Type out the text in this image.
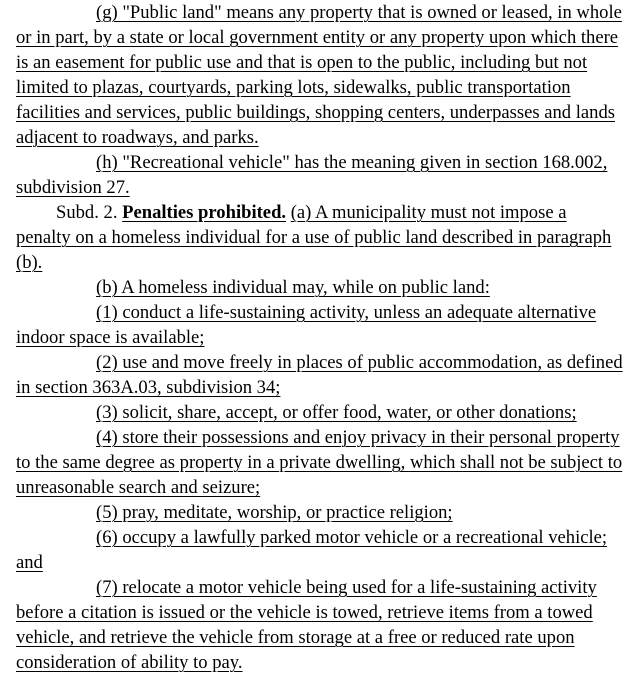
(g) "Public land" means any property that is owned or leased, in whole or in part, by a state or local government entity or any property upon which there is an easement for public use and that is open to the public, including but not limited to plazas, courtyards, parking lots, sidewalks, public transportation facilities and services, public buildings, shopping centers, underpasses and lands adjacent to roadways, and parks.

(h) "Recreational vehicle" has the meaning given in section 168.002, subdivision 27.

Subd. 2. Penalties prohibited. (a) A municipality must not impose a penalty on a homeless individual for a use of public land described in paragraph (b).

(b) A homeless individual may, while on public land:

(1) conduct a life-sustaining activity, unless an adequate alternative indoor space is available;

(2) use and move freely in places of public accommodation, as defined in section 363A.03, subdivision 34;

(3) solicit, share, accept, or offer food, water, or other donations;

(4) store their possessions and enjoy privacy in their personal property to the same degree as property in a private dwelling, which shall not be subject to unreasonable search and seizure;

(5) pray, meditate, worship, or practice religion;

(6) occupy a lawfully parked motor vehicle or a recreational vehicle; and

(7) relocate a motor vehicle being used for a life-sustaining activity before a citation is issued or the vehicle is towed, retrieve items from a towed vehicle, and retrieve the vehicle from storage at a free or reduced rate upon consideration of ability to pay.
